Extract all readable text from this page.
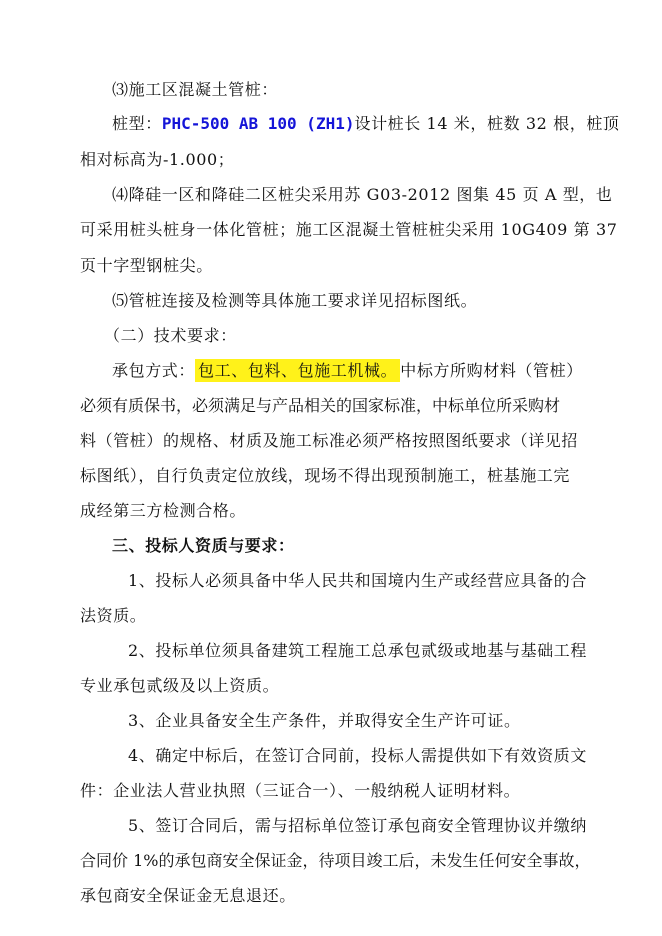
⑶施工区混凝土管桩：
桩型：PHC-500 AB 100 (ZH1)设计桩长 14 米，桩数 32 根，桩顶
相对标高为-1.000；
⑷降硅一区和降硅二区桩尖采用苏 G03-2012 图集 45 页 A 型，也
可采用桩头桩身一体化管桩；施工区混凝土管桩桩尖采用 10G409 第 37
页十字型钢桩尖。
⑸管桩连接及检测等具体施工要求详见招标图纸。
（二）技术要求：
承包方式： 包工、包料、包施工机械。 中标方所购材料（管桩）
必须有质保书，必须满足与产品相关的国家标准，中标单位所采购材
料（管桩）的规格、材质及施工标准必须严格按照图纸要求（详见招
标图纸），自行负责定位放线，现场不得出现预制施工，桩基施工完
成经第三方检测合格。
三、投标人资质与要求：
1、投标人必须具备中华人民共和国境内生产或经营应具备的合
法资质。
2、投标单位须具备建筑工程施工总承包贰级或地基与基础工程
专业承包贰级及以上资质。
3、企业具备安全生产条件，并取得安全生产许可证。
4、确定中标后，在签订合同前，投标人需提供如下有效资质文
件：企业法人营业执照（三证合一）、一般纳税人证明材料。
5、签订合同后，需与招标单位签订承包商安全管理协议并缴纳
合同价 1%的承包商安全保证金，待项目竣工后，未发生任何安全事故，
承包商安全保证金无息退还。
